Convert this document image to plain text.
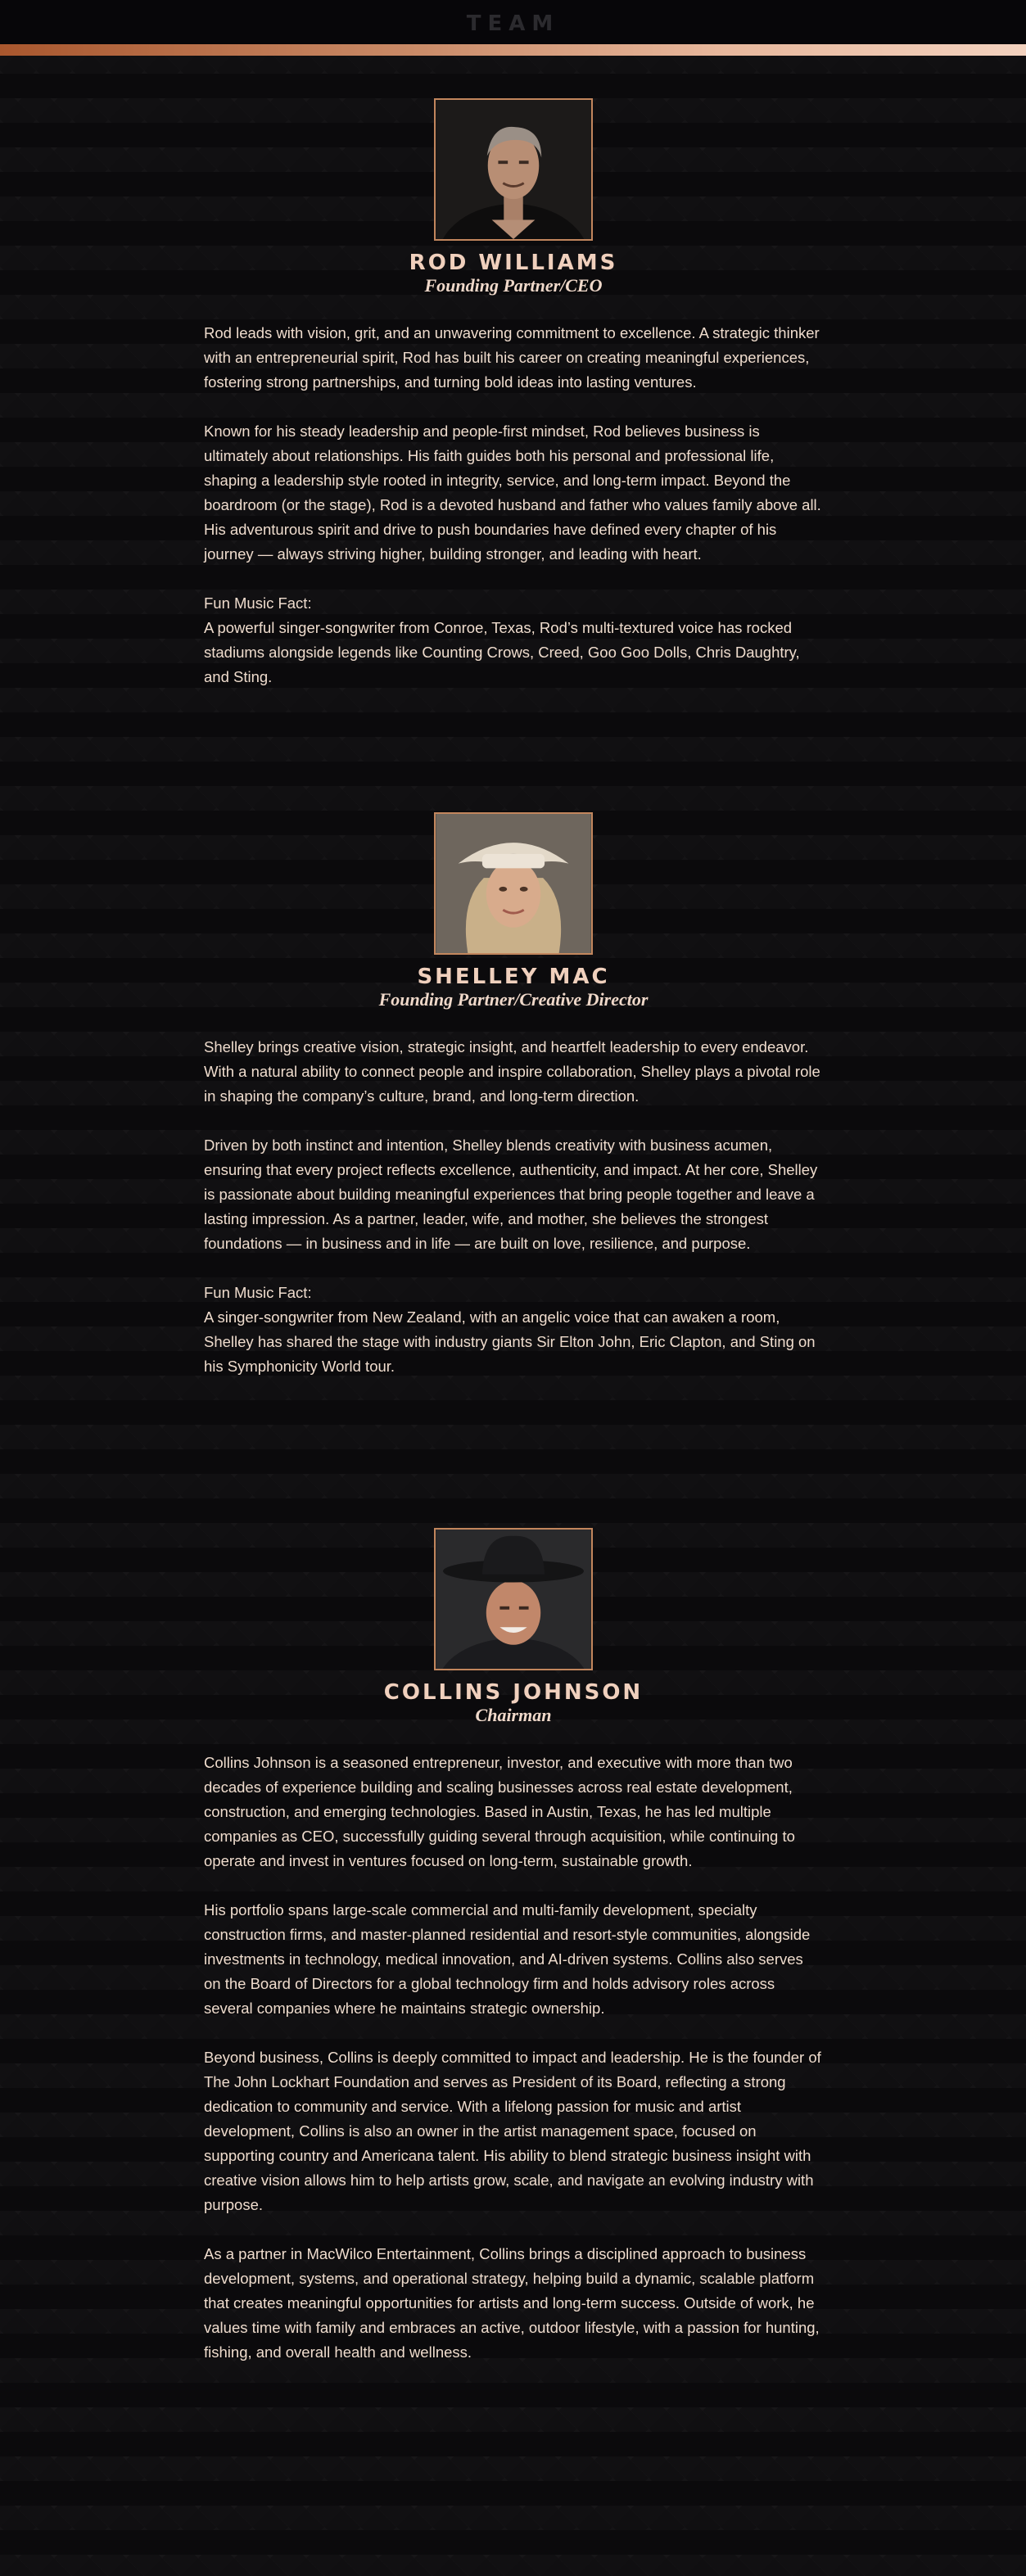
TEAM
ROD WILLIAMS
Founding Partner/CEO

Rod leads with vision, grit, and an unwavering commitment to excellence. A strategic thinker with an entrepreneurial spirit, Rod has built his career on creating meaningful experiences, fostering strong partnerships, and turning bold ideas into lasting ventures.

Known for his steady leadership and people-first mindset, Rod believes business is ultimately about relationships. His faith guides both his personal and professional life, shaping a leadership style rooted in integrity, service, and long-term impact. Beyond the boardroom (or the stage), Rod is a devoted husband and father who values family above all. His adventurous spirit and drive to push boundaries have defined every chapter of his journey — always striving higher, building stronger, and leading with heart.

Fun Music Fact:

A powerful singer-songwriter from Conroe, Texas, Rod’s multi-textured voice has rocked stadiums alongside legends like Counting Crows, Creed, Goo Goo Dolls, Chris Daughtry, and Sting.

SHELLEY MAC
Founding Partner/Creative Director

Shelley brings creative vision, strategic insight, and heartfelt leadership to every endeavor. With a natural ability to connect people and inspire collaboration, Shelley plays a pivotal role in shaping the company’s culture, brand, and long-term direction.

Driven by both instinct and intention, Shelley blends creativity with business acumen, ensuring that every project reflects excellence, authenticity, and impact. At her core, Shelley is passionate about building meaningful experiences that bring people together and leave a lasting impression. As a partner, leader, wife, and mother, she believes the strongest foundations — in business and in life — are built on love, resilience, and purpose.

Fun Music Fact:

A singer-songwriter from New Zealand, with an angelic voice that can awaken a room, Shelley has shared the stage with industry giants Sir Elton John, Eric Clapton, and Sting on his Symphonicity World tour.

COLLINS JOHNSON
Chairman

Collins Johnson is a seasoned entrepreneur, investor, and executive with more than two decades of experience building and scaling businesses across real estate development, construction, and emerging technologies. Based in Austin, Texas, he has led multiple companies as CEO, successfully guiding several through acquisition, while continuing to operate and invest in ventures focused on long-term, sustainable growth.

His portfolio spans large-scale commercial and multi-family development, specialty construction firms, and master-planned residential and resort-style communities, alongside investments in technology, medical innovation, and AI-driven systems. Collins also serves on the Board of Directors for a global technology firm and holds advisory roles across several companies where he maintains strategic ownership.

Beyond business, Collins is deeply committed to impact and leadership. He is the founder of The John Lockhart Foundation and serves as President of its Board, reflecting a strong dedication to community and service. With a lifelong passion for music and artist development, Collins is also an owner in the artist management space, focused on supporting country and Americana talent. His ability to blend strategic business insight with creative vision allows him to help artists grow, scale, and navigate an evolving industry with purpose.

As a partner in MacWilco Entertainment, Collins brings a disciplined approach to business development, systems, and operational strategy, helping build a dynamic, scalable platform that creates meaningful opportunities for artists and long-term success. Outside of work, he values time with family and embraces an active, outdoor lifestyle, with a passion for hunting, fishing, and overall health and wellness.
